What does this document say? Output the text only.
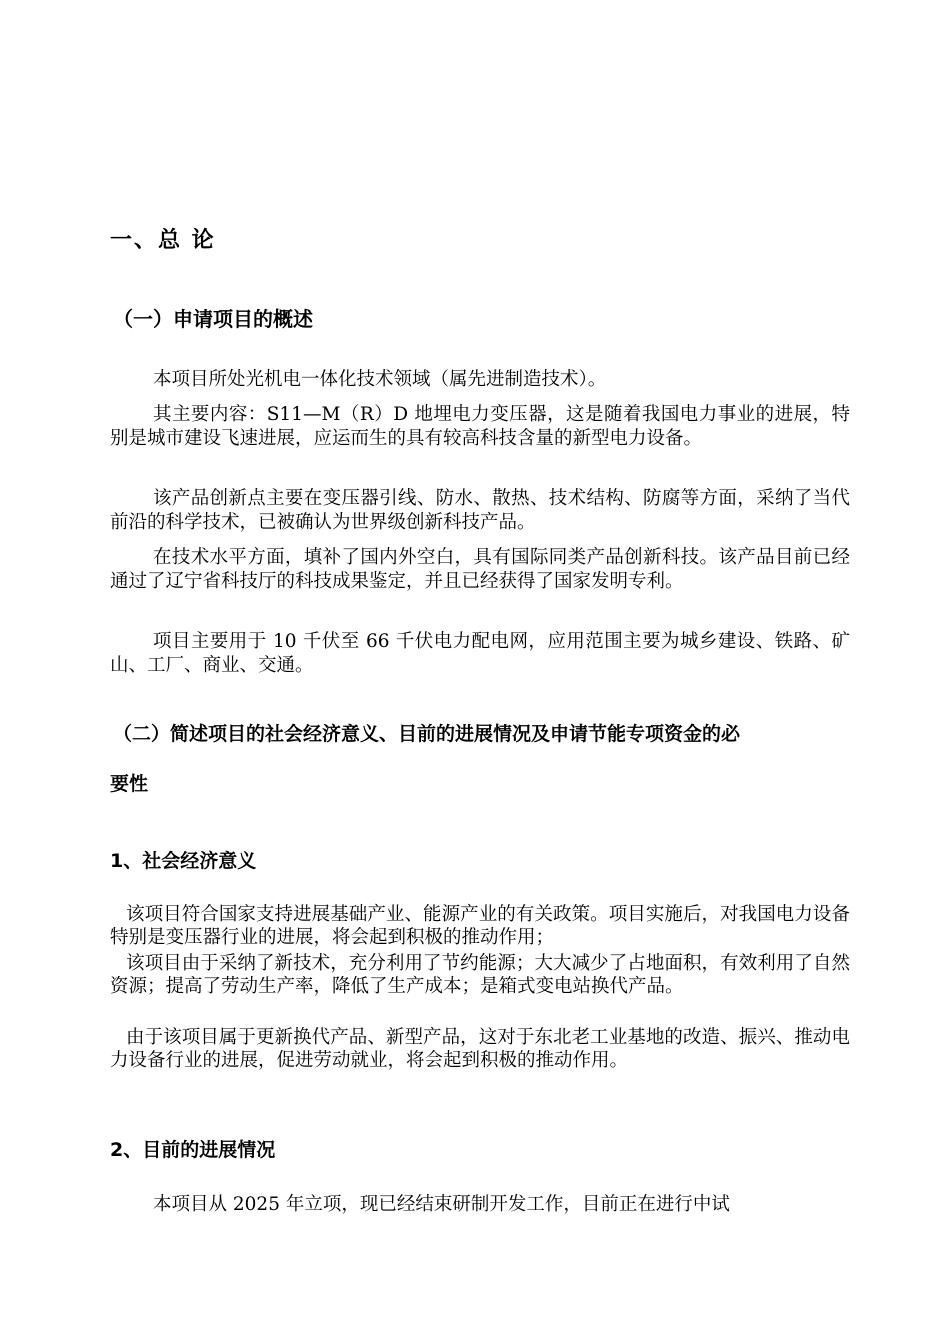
一、总 论
（一）申请项目的概述

本项目所处光机电一体化技术领域（属先进制造技术）。

其主要内容：S11—M（R）D 地埋电力变压器，这是随着我国电力事业的进展，特别是城市建设飞速进展，应运而生的具有较高科技含量的新型电力设备。

该产品创新点主要在变压器引线、防水、散热、技术结构、防腐等方面，采纳了当代前沿的科学技术，已被确认为世界级创新科技产品。

在技术水平方面，填补了国内外空白，具有国际同类产品创新科技。该产品目前已经通过了辽宁省科技厅的科技成果鉴定，并且已经获得了国家发明专利。

项目主要用于 10 千伏至 66 千伏电力配电网，应用范围主要为城乡建设、铁路、矿山、工厂、商业、交通。

（二）简述项目的社会经济意义、目前的进展情况及申请节能专项资金的必
要性
1、社会经济意义

该项目符合国家支持进展基础产业、能源产业的有关政策。项目实施后，对我国电力设备特别是变压器行业的进展，将会起到积极的推动作用；

该项目由于采纳了新技术，充分利用了节约能源；大大减少了占地面积，有效利用了自然资源；提高了劳动生产率，降低了生产成本；是箱式变电站换代产品。

由于该项目属于更新换代产品、新型产品，这对于东北老工业基地的改造、振兴、推动电力设备行业的进展，促进劳动就业，将会起到积极的推动作用。

2、目前的进展情况

本项目从 2025 年立项，现已经结束研制开发工作，目前正在进行中试
